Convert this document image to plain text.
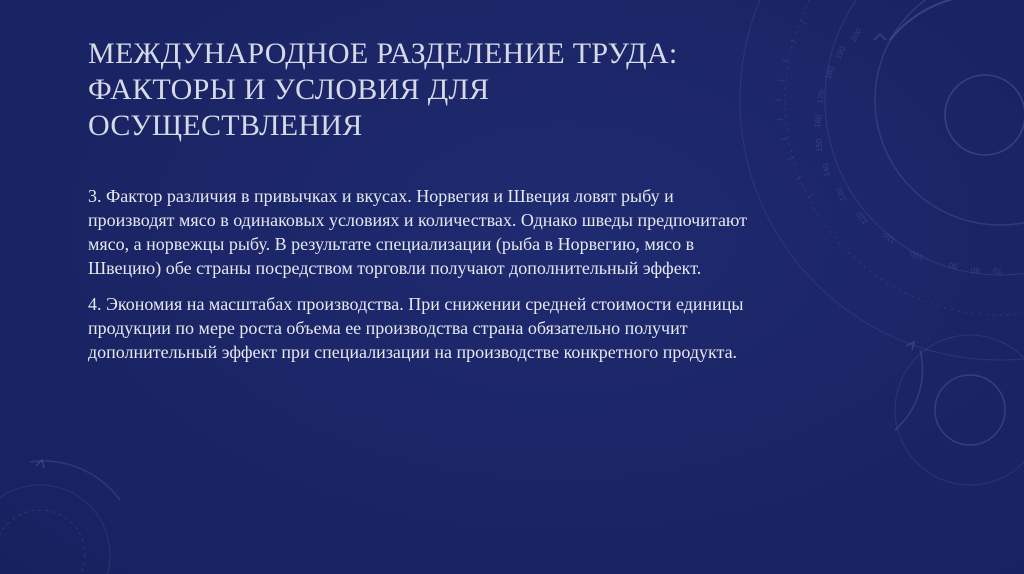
200
190
180
170
160
150
140
130
120
110
100
90 80 70
МЕЖДУНАРОДНОЕ РАЗДЕЛЕНИЕ ТРУДА: ФАКТОРЫ И УСЛОВИЯ ДЛЯ ОСУЩЕСТВЛЕНИЯ

3. Фактор различия в привычках и вкусах. Норвегия и Швеция ловят рыбу и производят мясо в одинаковых условиях и количествах. Однако шведы предпочитают мясо, а норвежцы рыбу. В результате специализации (рыба в Норвегию, мясо в Швецию) обе страны посредством торговли получают дополнительный эффект.

4. Экономия на масштабах производства. При снижении средней стоимости единицы продукции по мере роста объема ее производства страна обязательно получит дополнительный эффект при специализации на производстве конкретного продукта.
